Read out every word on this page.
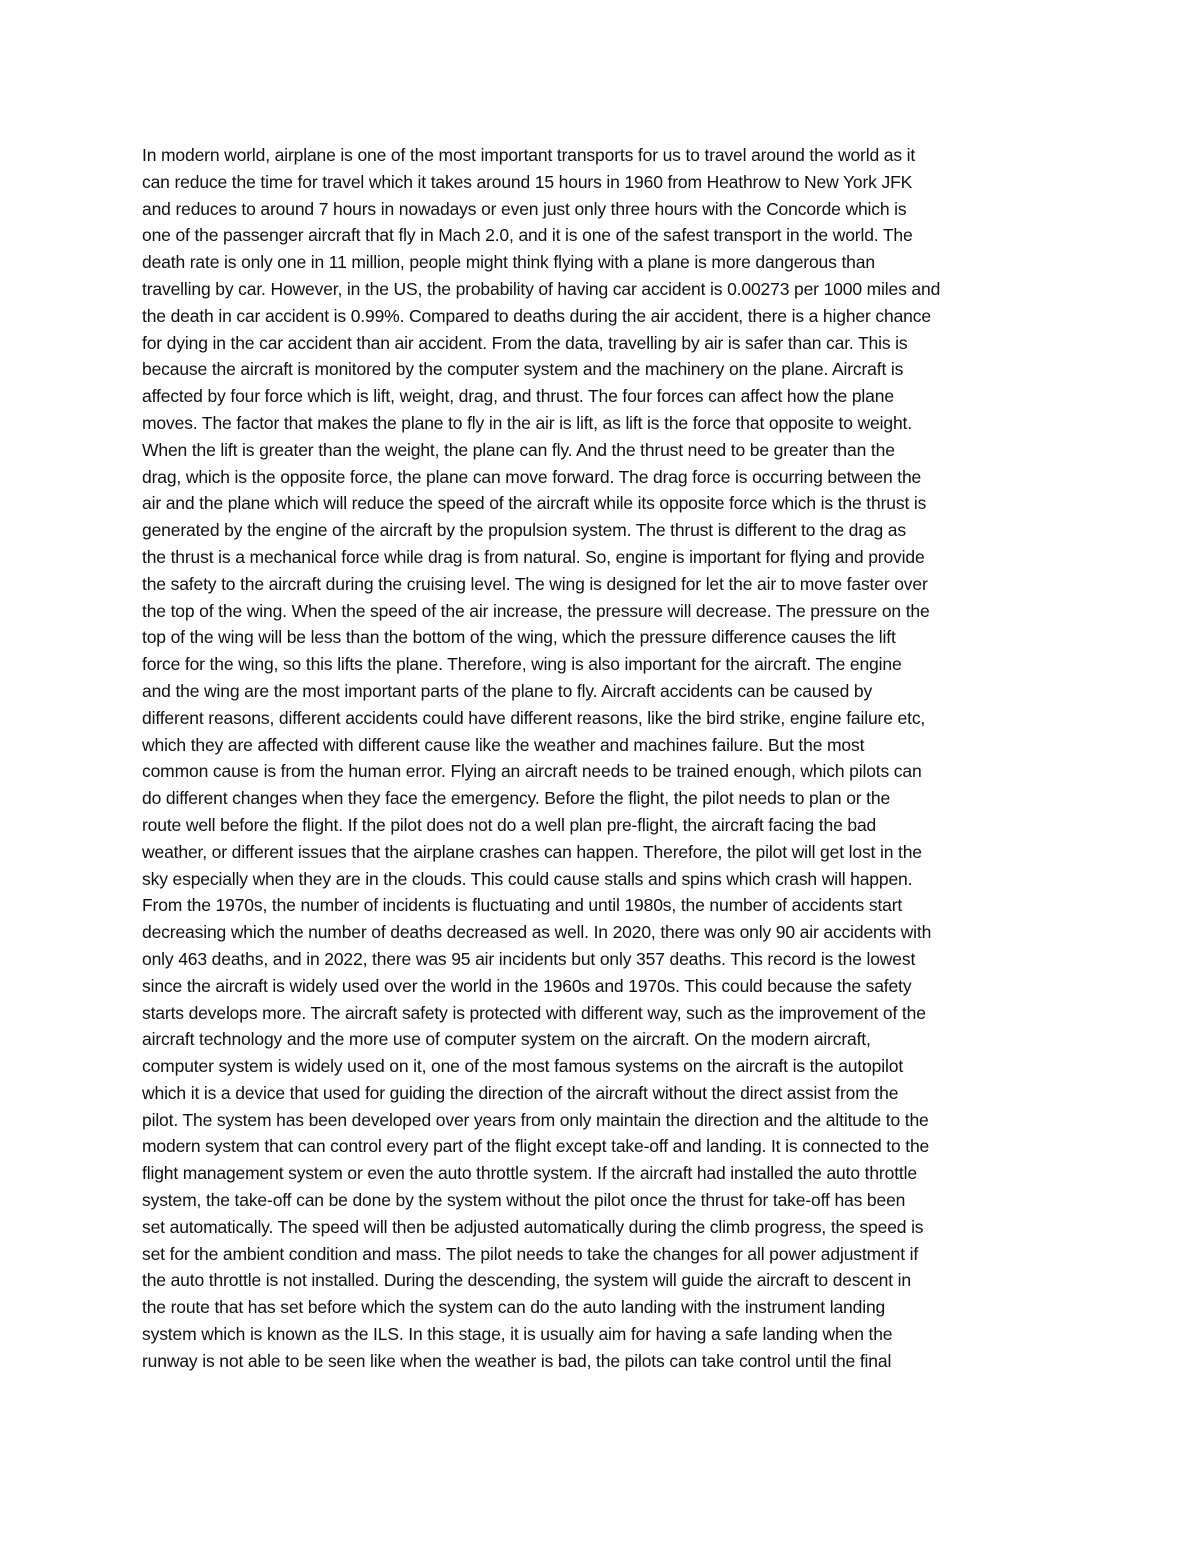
In modern world, airplane is one of the most important transports for us to travel around the world as it
can reduce the time for travel which it takes around 15 hours in 1960 from Heathrow to New York JFK
and reduces to around 7 hours in nowadays or even just only three hours with the Concorde which is
one of the passenger aircraft that fly in Mach 2.0, and it is one of the safest transport in the world. The
death rate is only one in 11 million, people might think flying with a plane is more dangerous than
travelling by car. However, in the US, the probability of having car accident is 0.00273 per 1000 miles and
the death in car accident is 0.99%. Compared to deaths during the air accident, there is a higher chance
for dying in the car accident than air accident. From the data, travelling by air is safer than car. This is
because the aircraft is monitored by the computer system and the machinery on the plane. Aircraft is
affected by four force which is lift, weight, drag, and thrust. The four forces can affect how the plane
moves. The factor that makes the plane to fly in the air is lift, as lift is the force that opposite to weight.
When the lift is greater than the weight, the plane can fly. And the thrust need to be greater than the
drag, which is the opposite force, the plane can move forward. The drag force is occurring between the
air and the plane which will reduce the speed of the aircraft while its opposite force which is the thrust is
generated by the engine of the aircraft by the propulsion system. The thrust is different to the drag as
the thrust is a mechanical force while drag is from natural. So, engine is important for flying and provide
the safety to the aircraft during the cruising level. The wing is designed for let the air to move faster over
the top of the wing. When the speed of the air increase, the pressure will decrease. The pressure on the
top of the wing will be less than the bottom of the wing, which the pressure difference causes the lift
force for the wing, so this lifts the plane. Therefore, wing is also important for the aircraft. The engine
and the wing are the most important parts of the plane to fly. Aircraft accidents can be caused by
different reasons, different accidents could have different reasons, like the bird strike, engine failure etc,
which they are affected with different cause like the weather and machines failure. But the most
common cause is from the human error. Flying an aircraft needs to be trained enough, which pilots can
do different changes when they face the emergency. Before the flight, the pilot needs to plan or the
route well before the flight. If the pilot does not do a well plan pre-flight, the aircraft facing the bad
weather, or different issues that the airplane crashes can happen. Therefore, the pilot will get lost in the
sky especially when they are in the clouds. This could cause stalls and spins which crash will happen.
From the 1970s, the number of incidents is fluctuating and until 1980s, the number of accidents start
decreasing which the number of deaths decreased as well. In 2020, there was only 90 air accidents with
only 463 deaths, and in 2022, there was 95 air incidents but only 357 deaths. This record is the lowest
since the aircraft is widely used over the world in the 1960s and 1970s. This could because the safety
starts develops more. The aircraft safety is protected with different way, such as the improvement of the
aircraft technology and the more use of computer system on the aircraft. On the modern aircraft,
computer system is widely used on it, one of the most famous systems on the aircraft is the autopilot
which it is a device that used for guiding the direction of the aircraft without the direct assist from the
pilot. The system has been developed over years from only maintain the direction and the altitude to the
modern system that can control every part of the flight except take-off and landing. It is connected to the
flight management system or even the auto throttle system. If the aircraft had installed the auto throttle
system, the take-off can be done by the system without the pilot once the thrust for take-off has been
set automatically. The speed will then be adjusted automatically during the climb progress, the speed is
set for the ambient condition and mass. The pilot needs to take the changes for all power adjustment if
the auto throttle is not installed. During the descending, the system will guide the aircraft to descent in
the route that has set before which the system can do the auto landing with the instrument landing
system which is known as the ILS. In this stage, it is usually aim for having a safe landing when the
runway is not able to be seen like when the weather is bad, the pilots can take control until the final
